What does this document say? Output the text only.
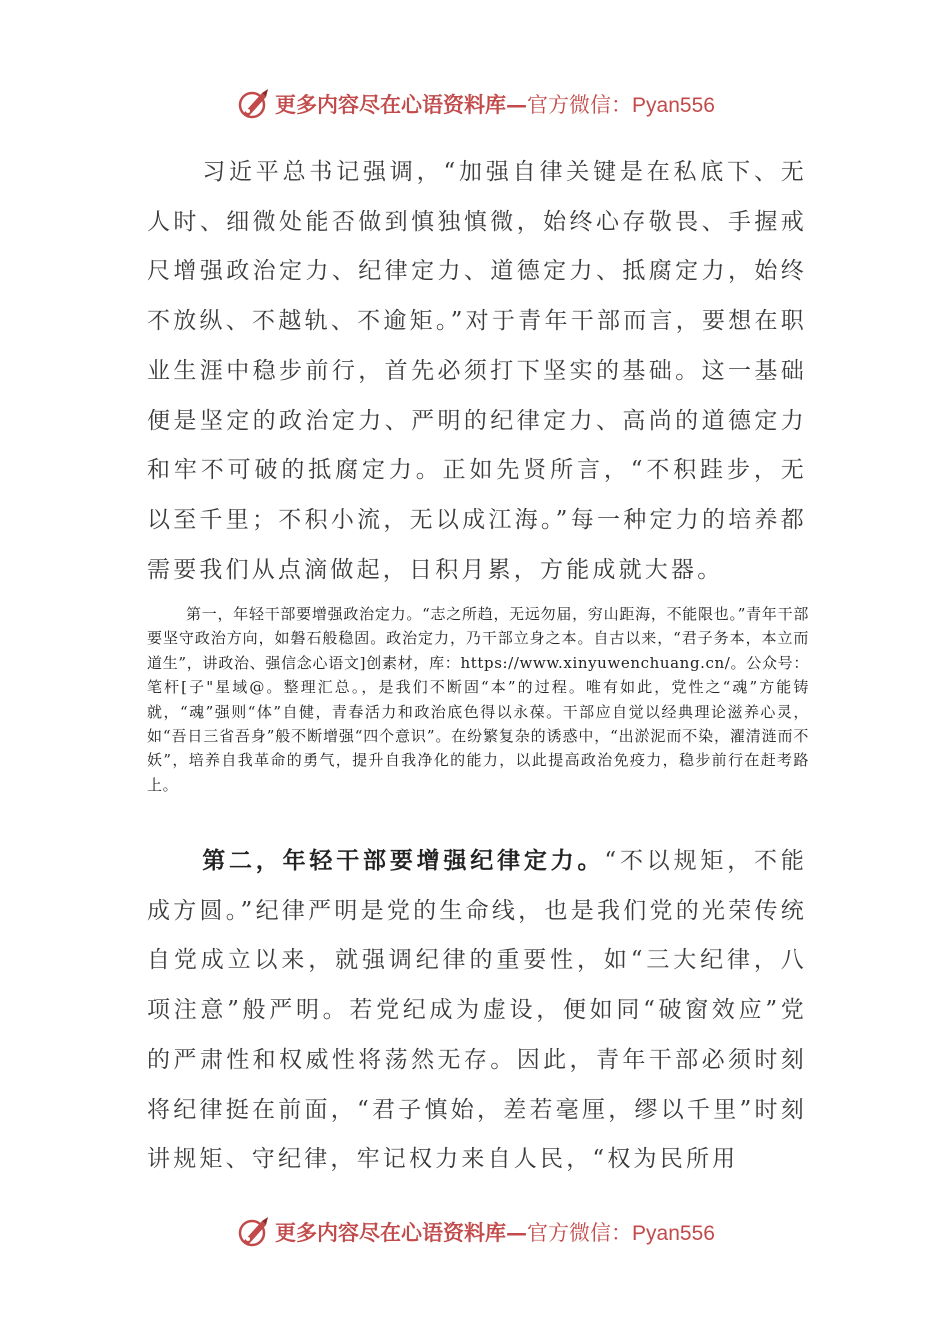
更多内容尽在心语资料库—官方微信：Pyan556

习近平总书记强调，“加强自律关键是在私底下、无人时、细微处能否做到慎独慎微，始终心存敬畏、手握戒尺增强政治定力、纪律定力、道德定力、抵腐定力，始终不放纵、不越轨、不逾矩。”对于青年干部而言，要想在职业生涯中稳步前行，首先必须打下坚实的基础。这一基础便是坚定的政治定力、严明的纪律定力、高尚的道德定力和牢不可破的抵腐定力。正如先贤所言，“不积跬步，无以至千里；不积小流，无以成江海。”每一种定力的培养都需要我们从点滴做起，日积月累，方能成就大器。

第一，年轻干部要增强政治定力。“志之所趋，无远勿届，穷山距海，不能限也。”青年干部要坚守政治方向，如磐石般稳固。政治定力，乃干部立身之本。自古以来，“君子务本，本立而道生”，讲政治、强信念心语文]创素材，库：https://www.xinyuwenchuang.cn/。公众号：笔杆[子"星域@。整理汇总。，是我们不断固“本”的过程。唯有如此，党性之“魂”方能铸就，“魂”强则“体”自健，青春活力和政治底色得以永葆。干部应自觉以经典理论滋养心灵，如“吾日三省吾身”般不断增强“四个意识”。在纷繁复杂的诱惑中，“出淤泥而不染，濯清涟而不妖”，培养自我革命的勇气，提升自我净化的能力，以此提高政治免疫力，稳步前行在赶考路上。

第二，年轻干部要增强纪律定力。“不以规矩，不能成方圆。”纪律严明是党的生命线，也是我们党的光荣传统自党成立以来，就强调纪律的重要性，如“三大纪律，八项注意”般严明。若党纪成为虚设，便如同“破窗效应”党的严肃性和权威性将荡然无存。因此，青年干部必须时刻将纪律挺在前面，“君子慎始，差若毫厘，缪以千里”时刻讲规矩、守纪律，牢记权力来自人民，“权为民所用

更多内容尽在心语资料库—官方微信：Pyan556
